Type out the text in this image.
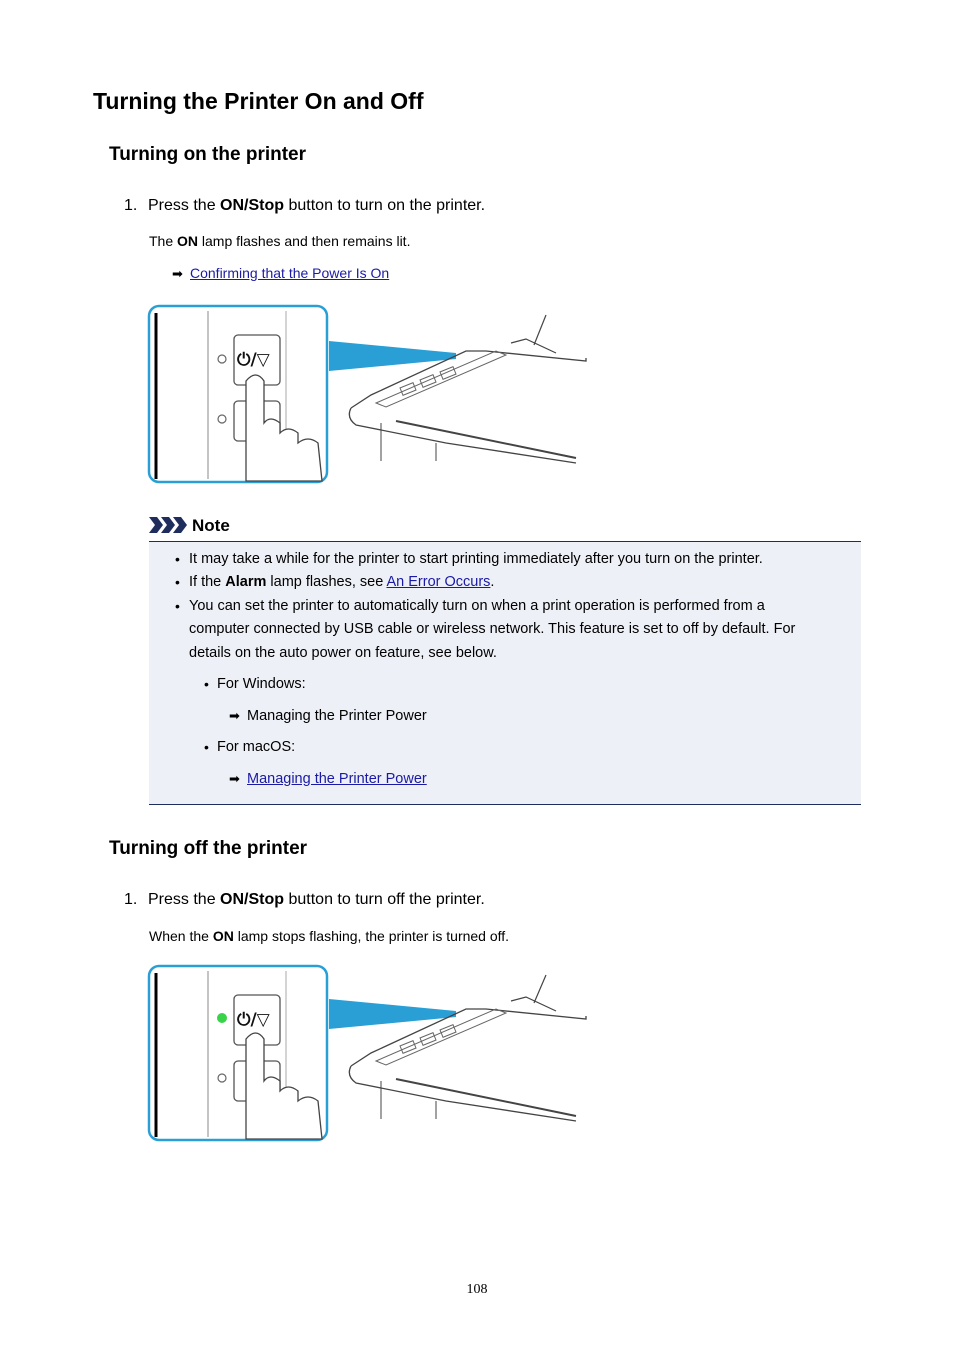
Turning the Printer On and Off
Turning on the printer
1. Press the ON/Stop button to turn on the printer.
The ON lamp flashes and then remains lit.
➡ Confirming that the Power Is On
⏻/▽
Note
• It may take a while for the printer to start printing immediately after you turn on the printer.
• If the Alarm lamp flashes, see An Error Occurs.
• You can set the printer to automatically turn on when a print operation is performed from a
computer connected by USB cable or wireless network. This feature is set to off by default. For
details on the auto power on feature, see below.
• For Windows:
➡ Managing the Printer Power
• For macOS:
➡ Managing the Printer Power
Turning off the printer
1. Press the ON/Stop button to turn off the printer.
When the ON lamp stops flashing, the printer is turned off.
⏻/▽
108
